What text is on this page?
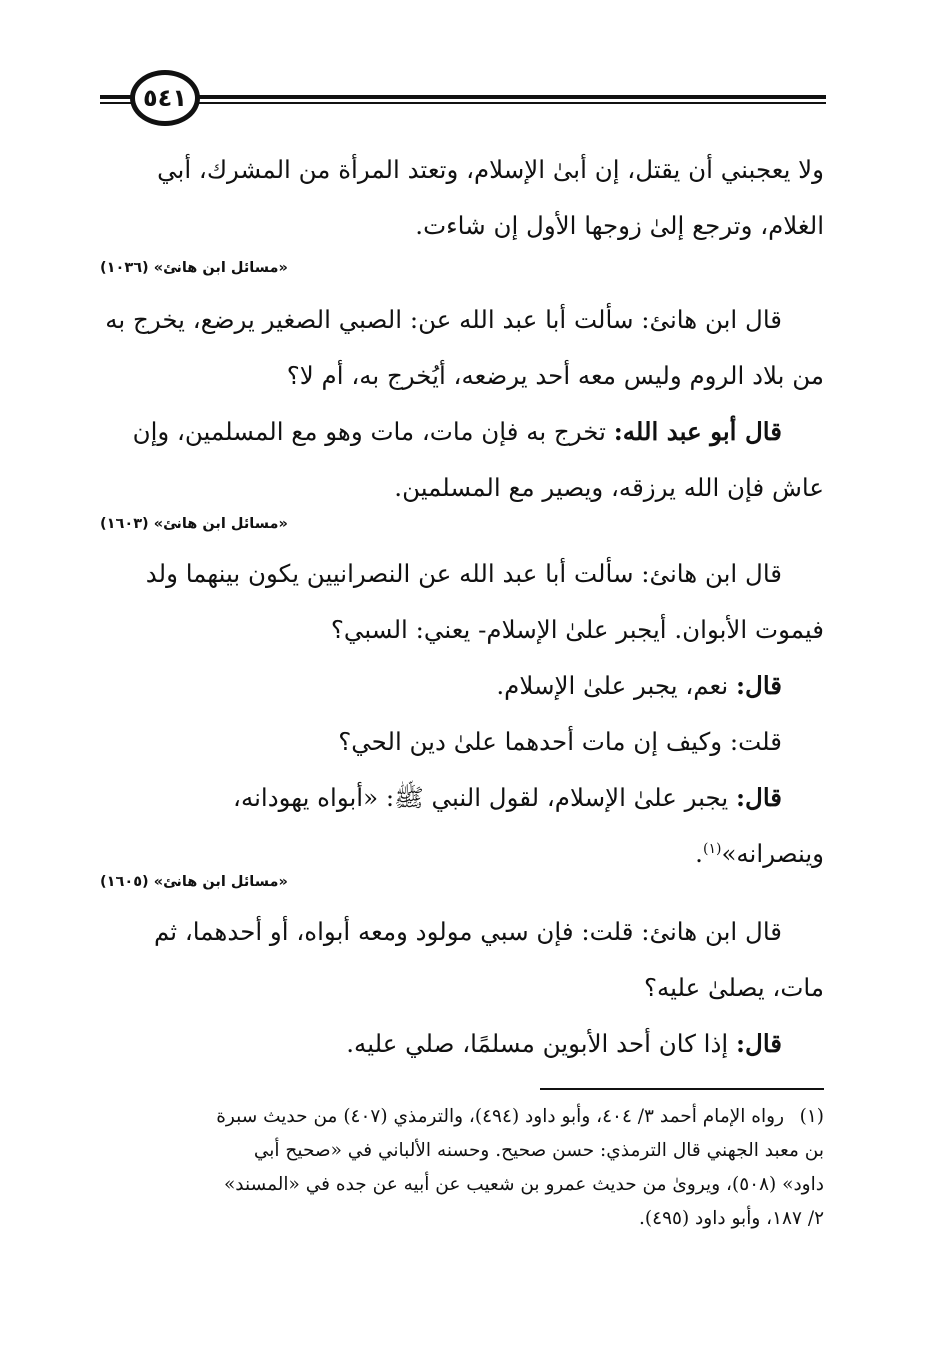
٥٤١

ولا يعجبني أن يقتل، إن أبىٰ الإسلام، وتعتد المرأة من المشرك، أبي

الغلام، وترجع إلىٰ زوجها الأول إن شاءت.

«مسائل ابن هانئ» (١٠٣٦)

قال ابن هانئ: سألت أبا عبد الله عن: الصبي الصغير يرضع، يخرج به

من بلاد الروم وليس معه أحد يرضعه، أيُخرج به، أم لا؟

قال أبو عبد الله: تخرج به فإن مات، مات وهو مع المسلمين، وإن

عاش فإن الله يرزقه، ويصير مع المسلمين.

«مسائل ابن هانئ» (١٦٠٣)

قال ابن هانئ: سألت أبا عبد الله عن النصرانيين يكون بينهما ولد

فيموت الأبوان. أيجبر علىٰ الإسلام- يعني: السبي؟

قال: نعم، يجبر علىٰ الإسلام.

قلت: وكيف إن مات أحدهما علىٰ دين الحي؟

قال: يجبر علىٰ الإسلام، لقول النبي ﷺ: «أبواه يهودانه،

وينصرانه»$^{(١)}$.

«مسائل ابن هانئ» (١٦٠٥)

قال ابن هانئ: قلت: فإن سبي مولود ومعه أبواه، أو أحدهما، ثم

مات، يصلىٰ عليه؟

قال: إذا كان أحد الأبوين مسلمًا، صلي عليه.

(١)رواه الإمام أحمد ٣/ ٤٠٤، وأبو داود (٤٩٤)، والترمذي (٤٠٧) من حديث سبرة
بن معبد الجهني قال الترمذي: حسن صحيح. وحسنه الألباني في «صحيح أبي
داود» (٥٠٨)، ويروىٰ من حديث عمرو بن شعيب عن أبيه عن جده في «المسند»
٢/ ١٨٧، وأبو داود (٤٩٥).
